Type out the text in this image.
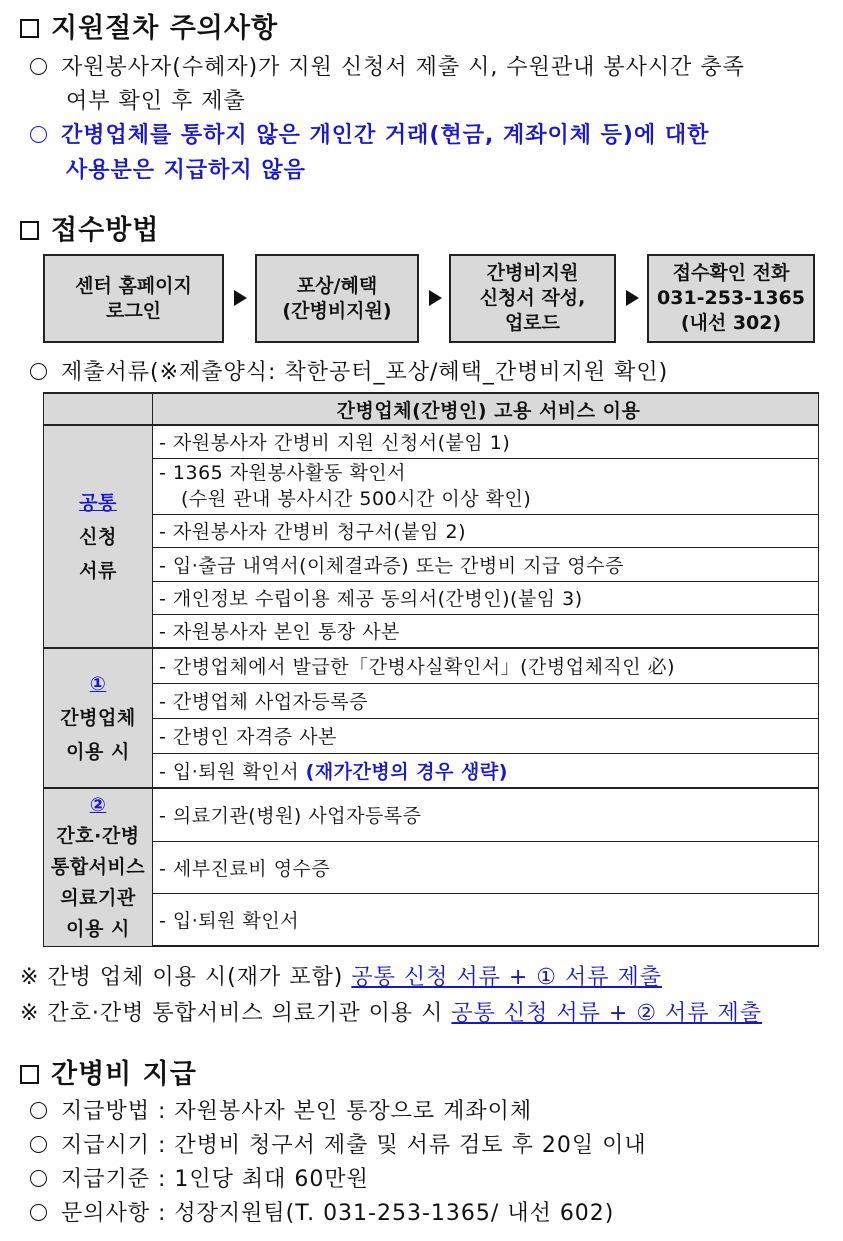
지원절차 주의사항
자원봉사자(수혜자)가 지원 신청서 제출 시, 수원관내 봉사시간 충족
여부 확인 후 제출
간병업체를 통하지 않은 개인간 거래(현금, 계좌이체 등)에 대한
사용분은 지급하지 않음
접수방법
센터 홈페이지
로그인
포상/혜택
(간병비지원)
간병비지원
신청서 작성,
업로드
접수확인 전화
031-253-1365
(내선 302)
제출서류(※제출양식: 착한공터_포상/혜택_간병비지원 확인)
	간병업체(간병인) 고용 서비스 이용

공통
신청
서류	- 자원봉사자 간병비 지원 신청서(붙임 1)

	- 1365 자원봉사활동 확인서
(수원 관내 봉사시간 500시간 이상 확인)

	- 자원봉사자 간병비 청구서(붙임 2)
	- 입·출금 내역서(이체결과증) 또는 간병비 지급 영수증
	- 개인정보 수립이용 제공 동의서(간병인)(붙임 3)
	- 자원봉사자 본인 통장 사본

①
간병업체
이용 시	- 간병업체에서 발급한「간병사실확인서」(간병업체직인 必)
	- 간병업체 사업자등록증
	- 간병인 자격증 사본
	- 입·퇴원 확인서 (재가간병의 경우 생략)

②
간호·간병
통합서비스
의료기관
이용 시	- 의료기관(병원) 사업자등록증
	- 세부진료비 영수증
	- 입·퇴원 확인서
※ 간병 업체 이용 시(재가 포함) 공통 신청 서류 + ① 서류 제출
※ 간호·간병 통합서비스 의료기관 이용 시 공통 신청 서류 + ② 서류 제출
간병비 지급
지급방법 : 자원봉사자 본인 통장으로 계좌이체
지급시기 : 간병비 청구서 제출 및 서류 검토 후 20일 이내
지급기준 : 1인당 최대 60만원
문의사항 : 성장지원팀(T. 031-253-1365/ 내선 602)
